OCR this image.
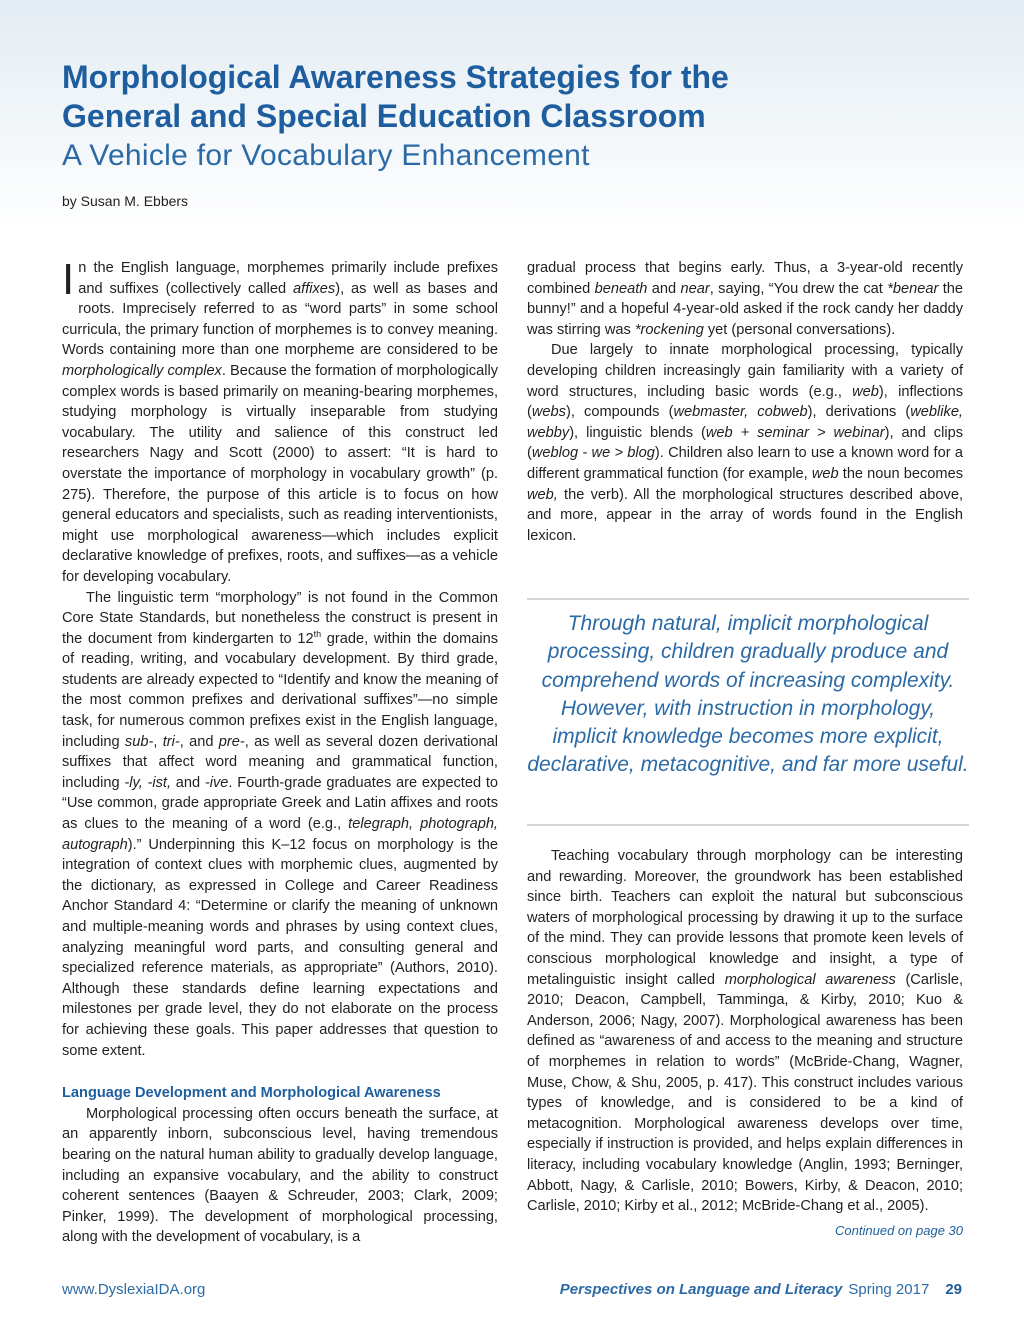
Morphological Awareness Strategies for the
General and Special Education Classroom
A Vehicle for Vocabulary Enhancement
by Susan M. Ebbers

In the English language, morphemes primarily include prefixes and suffixes (collectively called affixes), as well as bases and roots. Imprecisely referred to as “word parts” in some school curricula, the primary function of morphemes is to convey meaning. Words containing more than one morpheme are considered to be morphologically complex. Because the formation of morphologically complex words is based primarily on meaning-bearing morphemes, studying morphology is virtually inseparable from studying vocabulary. The utility and salience of this construct led researchers Nagy and Scott (2000) to assert: “It is hard to overstate the importance of morphology in vocabulary growth” (p. 275). Therefore, the purpose of this article is to focus on how general educators and specialists, such as reading interventionists, might use morphological awareness—which includes explicit declarative knowledge of prefixes, roots, and suffixes—as a vehicle for developing vocabulary.

The linguistic term “morphology” is not found in the Common Core State Standards, but nonetheless the construct is present in the document from kindergarten to 12th grade, within the domains of reading, writing, and vocabulary development. By third grade, students are already expected to “Identify and know the meaning of the most common prefixes and derivational suffixes”—no simple task, for numerous common prefixes exist in the English language, including sub-, tri-, and pre-, as well as several dozen derivational suffixes that affect word meaning and grammatical function, including -ly, -ist, and -ive. Fourth-grade graduates are expected to “Use common, grade appropriate Greek and Latin affixes and roots as clues to the meaning of a word (e.g., telegraph, photograph, autograph).” Underpinning this K–12 focus on morphology is the integration of context clues with morphemic clues, augmented by the dictionary, as expressed in College and Career Readiness Anchor Standard 4: “Determine or clarify the meaning of unknown and multiple-meaning words and phrases by using context clues, analyzing meaningful word parts, and consulting general and specialized reference materials, as appropriate” (Authors, 2010). Although these standards define learning expectations and milestones per grade level, they do not elaborate on the process for achieving these goals. This paper addresses that question to some extent.

Language Development and Morphological Awareness

Morphological processing often occurs beneath the surface, at an apparently inborn, subconscious level, having tremendous bearing on the natural human ability to gradually develop language, including an expansive vocabulary, and the ability to construct coherent sentences (Baayen & Schreuder, 2003; Clark, 2009; Pinker, 1999). The development of morphological processing, along with the development of vocabulary, is a

gradual process that begins early. Thus, a 3-year-old recently combined beneath and near, saying, “You drew the cat *benear the bunny!” and a hopeful 4-year-old asked if the rock candy her daddy was stirring was *rockening yet (personal conversations).

Due largely to innate morphological processing, typically developing children increasingly gain familiarity with a variety of word structures, including basic words (e.g., web), inflections (webs), compounds (webmaster, cobweb), derivations (weblike, webby), linguistic blends (web + seminar > webinar), and clips (weblog - we > blog). Children also learn to use a known word for a different grammatical function (for example, web the noun becomes web, the verb). All the morphological structures described above, and more, appear in the array of words found in the English lexicon.

Through natural, implicit morphological processing, children gradually produce and comprehend words of increasing complexity. However, with instruction in morphology, implicit knowledge becomes more explicit, declarative, metacognitive, and far more useful.

Teaching vocabulary through morphology can be interesting and rewarding. Moreover, the groundwork has been established since birth. Teachers can exploit the natural but subconscious waters of morphological processing by drawing it up to the surface of the mind. They can provide lessons that promote keen levels of conscious morphological knowledge and insight, a type of metalinguistic insight called morphological awareness (Carlisle, 2010; Deacon, Campbell, Tamminga, & Kirby, 2010; Kuo & Anderson, 2006; Nagy, 2007). Morphological awareness has been defined as “awareness of and access to the meaning and structure of morphemes in relation to words” (McBride-Chang, Wagner, Muse, Chow, & Shu, 2005, p. 417). This construct includes various types of knowledge, and is considered to be a kind of metacognition. Morphological awareness develops over time, especially if instruction is provided, and helps explain differences in literacy, including vocabulary knowledge (Anglin, 1993; Berninger, Abbott, Nagy, & Carlisle, 2010; Bowers, Kirby, & Deacon, 2010; Carlisle, 2010; Kirby et al., 2012; McBride-Chang et al., 2005).

Continued on page 30

www.DyslexiaIDA.org	Perspectives on Language and Literacy Spring 2017 29
